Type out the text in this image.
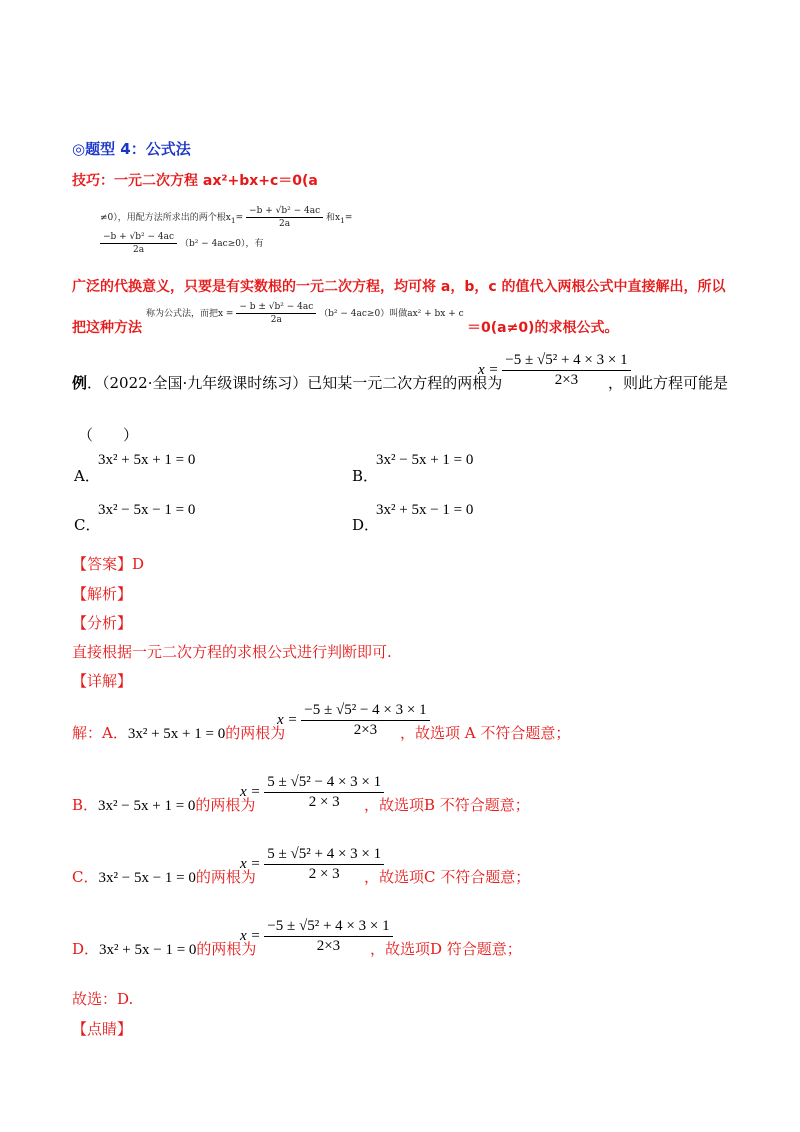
◎题型 4：公式法
技巧：一元二次方程 ax²+bx+c＝0(a
≠0），用配方法所求出的两个根$x_1= \frac{\text{−b + √b² − 4ac}}{2a}$ 和$x_1=$
$\frac{\text{−b + √b² − 4ac}}{2a} (b^2 - 4ac\ge 0)$，有
广泛的代换意义，只要是有实数根的一元二次方程，均可将 a，b，c 的值代入两根公式中直接解出，所以
称为公式法，而把$x = \frac{\text{− b ± √b² − 4ac}}{2a} (b^2 - 4ac\ge 0)$叫做ax² + bx + c
把这种方法	＝0(a≠0)的求根公式。
例．（2022·全国·九年级课时练习）已知某一元二次方程的两根为
$x = \frac{\text{−5 ± √5² + 4 × 3 × 1}}{2\times 3}$
，则此方程可能是
（　　）
A．
3x² + 5x + 1 = 0
B．
3x² − 5x + 1 = 0
C．
3x² − 5x − 1 = 0
D．
3x² + 5x − 1 = 0
【答案】D
【解析】
【分析】
直接根据一元二次方程的求根公式进行判断即可.
【详解】
解：A．3x² + 5x + 1 = 0的两根为
$x = \frac{\text{−5 ± √5² − 4 × 3 × 1}}{2\times 3}$
，故选项 A 不符合题意；
B．3x² − 5x + 1 = 0的两根为
$x = \frac{\text{5 ± √5² − 4 × 3 × 1}}{2 \times 3}$
，故选项B 不符合题意；
C．3x² − 5x − 1 = 0的两根为
$x = \frac{\text{5 ± √5² + 4 × 3 × 1}}{2 \times 3}$
，故选项C 不符合题意；
D．3x² + 5x − 1 = 0的两根为
$x = \frac{\text{−5 ± √5² + 4 × 3 × 1}}{2\times 3}$
，故选项D 符合题意；
故选：D.
【点睛】
